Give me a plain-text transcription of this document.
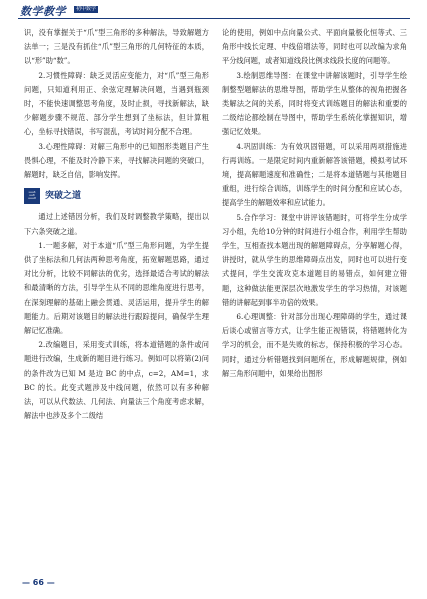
数学教学	初中数学

识，没有掌握关于“爪”型三角形的多种解法，导致解题方法单一；三是没有抓住“爪”型三角形的几何特征的本质，以“形”助“数”。

2.习惯性障碍：缺乏灵活应变能力，对“爪”型三角形问题，只知道利用正、余弦定理解决问题，当遇到瓶颈时，不能快速调整思考角度，及时止损，寻找新解法，缺少解题步骤不规范、部分学生想到了坐标法，但计算粗心，坐标寻找错误，书写混乱，考试时间分配不合理。

3.心理性障碍：对解三角形中的已知图形类题目产生畏惧心理，不能及时冷静下来，寻找解决问题的突破口，解题时，缺乏自信，影响发挥。

三	突破之道

通过上述错因分析，我们及时调整教学策略，提出以下六条突破之道。

1.一题多解，对于本道“爪”型三角形问题，为学生提供了坐标法和几何法两种思考角度，拓宽解题思路，通过对比分析，比较不同解法的优劣，选择最适合考试的解法和最清晰的方法，引导学生从不同的思维角度进行思考，在深刻理解的基础上融会贯通、灵活运用，提升学生的解题能力。后期对该题目的解法进行跟踪提问，确保学生理解记忆准确。

2.改编题目，采用变式训练，将本道错题的条件或问题进行改编，生成新的题目进行练习。例如可以将第(2)问的条件改为已知 M 是边 BC 的中点，c=2，AM=1，求 BC 的长。此变式题涉及中线问题，依然可以有多种解法，可以从代数法、几何法、向量法三个角度考虑求解，解法中也涉及多个二级结

论的使用，例如中点向量公式、平面向量极化恒等式、三角形中线长定理、中线倍增法等，同时也可以改编为求角平分线问题，或者知道线段比例求线段长度的问题等。

3.绘制思维导图：在课堂中讲解该题时，引导学生绘制整型题解法的思维导图，帮助学生从整体的视角把握各类解法之间的关系，同时将变式训练题目的解法和重要的二级结论都绘制在导图中，帮助学生系统化掌握知识，增强记忆效果。

4.巩固训练：为有效巩固错题，可以采用两项措施进行再训练。一是限定时间内重新解答该错题，模拟考试环境，提高解题速度和准确性；二是将本道错题与其他题目重组，进行综合训练，训练学生的时间分配和应试心态，提高学生的解题效率和应试能力。

5.合作学习：课堂中讲评该错题时，可将学生分成学习小组，先给10分钟的时间进行小组合作，利用学生帮助学生，互相查找本题出现的解题障碍点，分享解题心得，讲授时，就从学生的思维障碍点出发，同时也可以进行变式提问，学生交流攻克本道题目的易错点，如何建立错题，这种做法能更深层次地激发学生的学习热情，对该题错的讲解起到事半功倍的效果。

6.心理调整：针对部分出现心理障碍的学生，通过课后谈心或留言等方式，让学生能正视错误，将错题转化为学习的机会，而不是失败的标志，保持积极的学习心态。同时，通过分析错题找到问题所在，形成解题规律，例如解三角形问题中，如果给出图形

— 66 —
